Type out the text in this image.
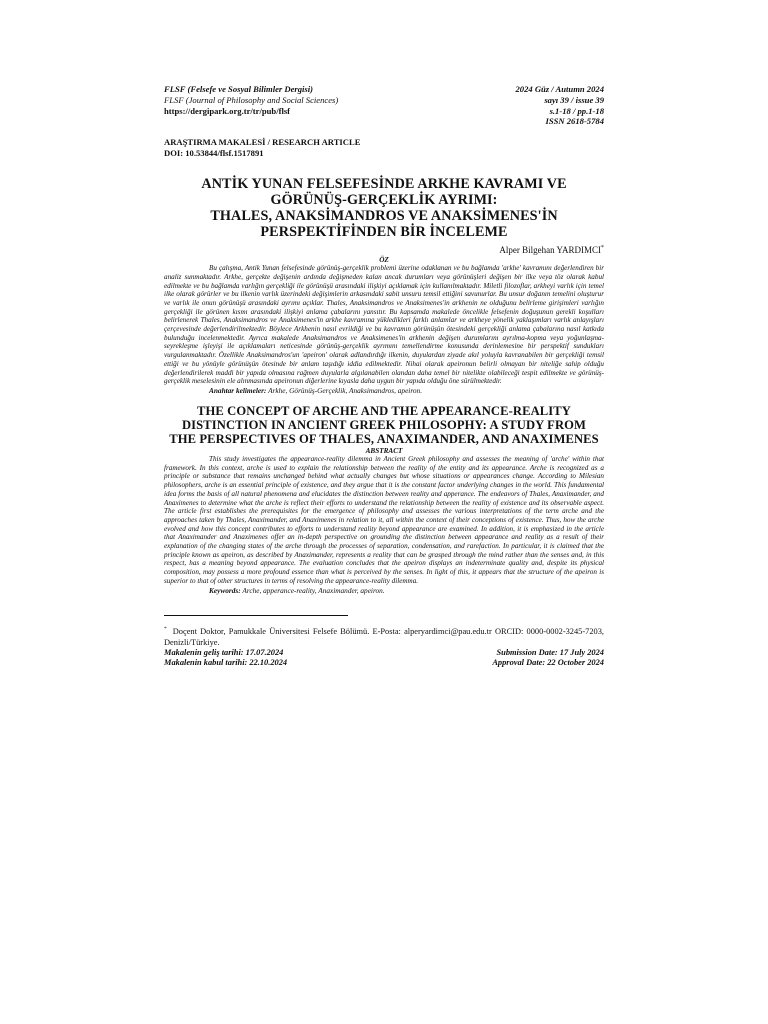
FLSF (Felsefe ve Sosyal Bilimler Dergisi)
FLSF (Journal of Philosophy and Social Sciences)
https://dergipark.org.tr/tr/pub/flsf
2024 Güz / Autumn 2024
sayı 39 / issue 39
s.1-18 / pp.1-18
ISSN 2618-5784
ARAŞTIRMA MAKALESİ / RESEARCH ARTICLE
DOI: 10.53844/flsf.1517891
ANTİK YUNAN FELSEFESİNDE ARKHE KAVRAMI VE
GÖRÜNÜŞ-GERÇEKLİK AYRIMI:
THALES, ANAKSİMANDROS VE ANAKSİMENES'İN
PERSPEKTİFİNDEN BİR İNCELEME
Alper Bilgehan YARDIMCI*
ÖZ

Bu çalışma, Antik Yunan felsefesinde görünüş-gerçeklik problemi üzerine odaklanan ve bu bağlamda 'arkhe' kavramını değerlendiren bir analiz sunmaktadır. Arkhe, gerçekte değişenin ardında değişmeden kalan ancak durumları veya görünüşleri değişen bir ilke veya töz olarak kabul edilmekte ve bu bağlamda varlığın gerçekliği ile görünüşü arasındaki ilişkiyi açıklamak için kullanılmaktadır. Miletli filozoflar, arkheyi varlık için temel ilke olarak görürler ve bu ilkenin varlık üzerindeki değişimlerin arkasındaki sabit unsuru temsil ettiğini savunurlar. Bu unsur doğanın temelini oluşturur ve varlık ile onun görünüşü arasındaki ayrımı açıklar. Thales, Anaksimandros ve Anaksimenes'in arkhenin ne olduğunu belirleme girişimleri varlığın gerçekliği ile görünen kısmı arasındaki ilişkiyi anlama çabalarını yansıtır. Bu kapsamda makalede öncelikle felsefenin doğuşunun gerekli koşulları belirlenerek Thales, Anaksimandros ve Anaksimenes'in arkhe kavramına yükledikleri farklı anlamlar ve arkheye yönelik yaklaşımları varlık anlayışları çerçevesinde değerlendirilmektedir. Böylece Arkhenin nasıl evrildiği ve bu kavramın görünüşün ötesindeki gerçekliği anlama çabalarına nasıl katkıda bulunduğu incelenmektedir. Ayrıca makalede Anaksimandros ve Anaksimenes'in arkhenin değişen durumlarını ayrılma-kopma veya yoğunlaşma-seyrekleşme işleyişi ile açıklamaları neticesinde görünüş-gerçeklik ayrımını temellendirme konusunda derinlemesine bir perspektif sundukları vurgulanmaktadır. Özellikle Anaksimandros'un 'apeiron' olarak adlandırdığı ilkenin, duyulardan ziyade akıl yoluyla kavranabilen bir gerçekliği temsil ettiği ve bu yönüyle görünüşün ötesinde bir anlam taşıdığı iddia edilmektedir. Nihai olarak apeironun belirli olmayan bir niteliğe sahip olduğu değerlendirilerek maddi bir yapıda olmasına rağmen duyularla algılanabilen olandan daha temel bir nitelikte olabileceği tespit edilmekte ve görünüş-gerçeklik meselesinin ele alınmasında apeironun diğerlerine kıyasla daha uygun bir yapıda olduğu öne sürülmektedir.

Anahtar kelimeler: Arkhe, Görünüş-Gerçeklik, Anaksimandros, apeiron.
THE CONCEPT OF ARCHE AND THE APPEARANCE-REALITY
DISTINCTION IN ANCIENT GREEK PHILOSOPHY: A STUDY FROM
THE PERSPECTIVES OF THALES, ANAXIMANDER, AND ANAXIMENES
ABSTRACT

This study investigates the appearance-reality dilemma in Ancient Greek philosophy and assesses the meaning of 'arche' within that framework. In this context, arche is used to explain the relationship between the reality of the entity and its appearance. Arche is recognized as a principle or substance that remains unchanged behind what actually changes but whose situations or appearances change. According to Milesian philosophers, arche is an essential principle of existence, and they argue that it is the constant factor underlying changes in the world. This fundamental idea forms the basis of all natural phenomena and elucidates the distinction between reality and apperance. The endeavors of Thales, Anaximander, and Anaximenes to determine what the arche is reflect their efforts to understand the relationship between the reality of existence and its observable aspect. The article first establishes the prerequisites for the emergence of philosophy and assesses the various interpretations of the term arche and the approaches taken by Thales, Anaximander, and Anaximenes in relation to it, all within the context of their conceptions of existence. Thus, how the arche evolved and how this concept contributes to efforts to understand reality beyond appearance are examined. In addition, it is emphasized in the article that Anaximander and Anaximenes offer an in-depth perspective on grounding the distinction between appearance and reality as a result of their explanation of the changing states of the arche through the processes of separation, condensation, and rarefaction. In particular, it is claimed that the principle known as apeiron, as described by Anaximander, represents a reality that can be grasped through the mind rather than the senses and, in this respect, has a meaning beyond appearance. The evaluation concludes that the apeiron displays an indeterminate quality and, despite its physical composition, may possess a more profound essence than what is perceived by the senses. In light of this, it appears that the structure of the apeiron is superior to that of other structures in terms of resolving the appearance-reality dilemma.

Keywords: Arche, apperance-reality, Anaximander, apeiron.
* Doçent Doktor, Pamukkale Üniversitesi Felsefe Bölümü. E-Posta: alperyardimci@pau.edu.tr ORCID: 0000-0002-3245-7203, Denizli/Türkiye.
Makalenin geliş tarihi: 17.07.2024	Submission Date: 17 July 2024
Makalenin kabul tarihi: 22.10.2024	Approval Date: 22 October 2024
